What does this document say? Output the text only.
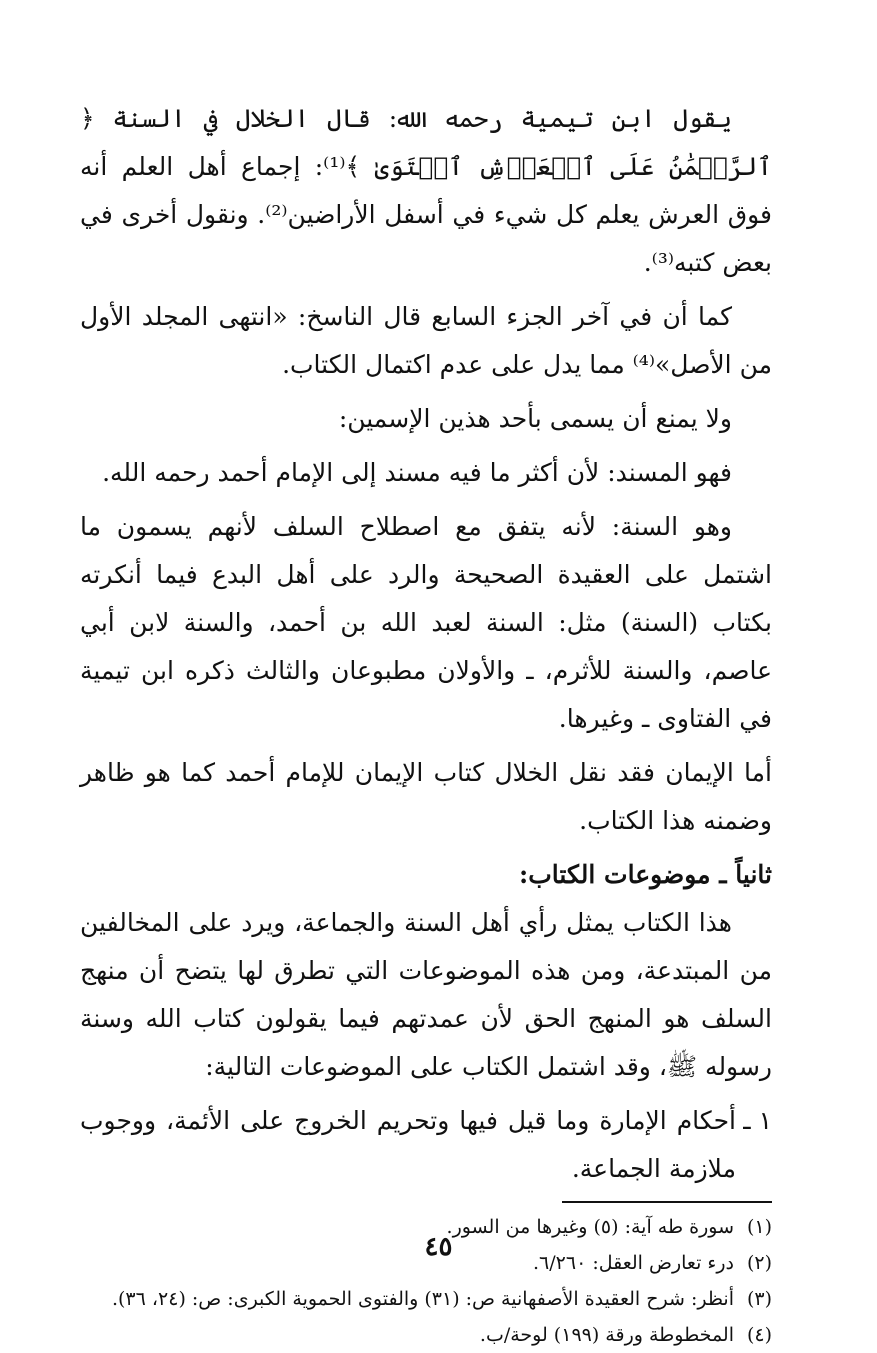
يقول ابن تيمية رحمه الله: قال الخلال في السنة ﴿ ٱلرَّحۡمَٰنُ عَلَى ٱلۡعَرۡشِ ٱسۡتَوَىٰ ﴾⁽¹⁾: إجماع أهل العلم أنه فوق العرش يعلم كل شيء في أسفل الأراضين⁽²⁾. ونقول أخرى في بعض كتبه⁽³⁾.

كما أن في آخر الجزء السابع قال الناسخ: «انتهى المجلد الأول من الأصل»⁽⁴⁾ مما يدل على عدم اكتمال الكتاب.

ولا يمنع أن يسمى بأحد هذين الإسمين:

فهو المسند: لأن أكثر ما فيه مسند إلى الإمام أحمد رحمه الله.

وهو السنة: لأنه يتفق مع اصطلاح السلف لأنهم يسمون ما اشتمل على العقيدة الصحيحة والرد على أهل البدع فيما أنكرته بكتاب (السنة) مثل: السنة لعبد الله بن أحمد، والسنة لابن أبي عاصم، والسنة للأثرم، ـ والأولان مطبوعان والثالث ذكره ابن تيمية في الفتاوى ـ وغيرها.

أما الإيمان فقد نقل الخلال كتاب الإيمان للإمام أحمد كما هو ظاهر وضمنه هذا الكتاب.

ثانياً ـ موضوعات الكتاب:

هذا الكتاب يمثل رأي أهل السنة والجماعة، ويرد على المخالفين من المبتدعة، ومن هذه الموضوعات التي تطرق لها يتضح أن منهج السلف هو المنهج الحق لأن عمدتهم فيما يقولون كتاب الله وسنة رسوله ﷺ، وقد اشتمل الكتاب على الموضوعات التالية:

١ ـ
أحكام الإمارة وما قيل فيها وتحريم الخروج على الأئمة، ووجوب ملازمة الجماعة.

(١)
سورة طه آية: (٥) وغيرها من السور.

(٢)
درء تعارض العقل: ٦/٢٦٠.

(٣)
أنظر: شرح العقيدة الأصفهانية ص: (٣١) والفتوى الحموية الكبرى: ص: (٢٤، ٣٦).

(٤)
المخطوطة ورقة (١٩٩) لوحة/ب.

٤٥
